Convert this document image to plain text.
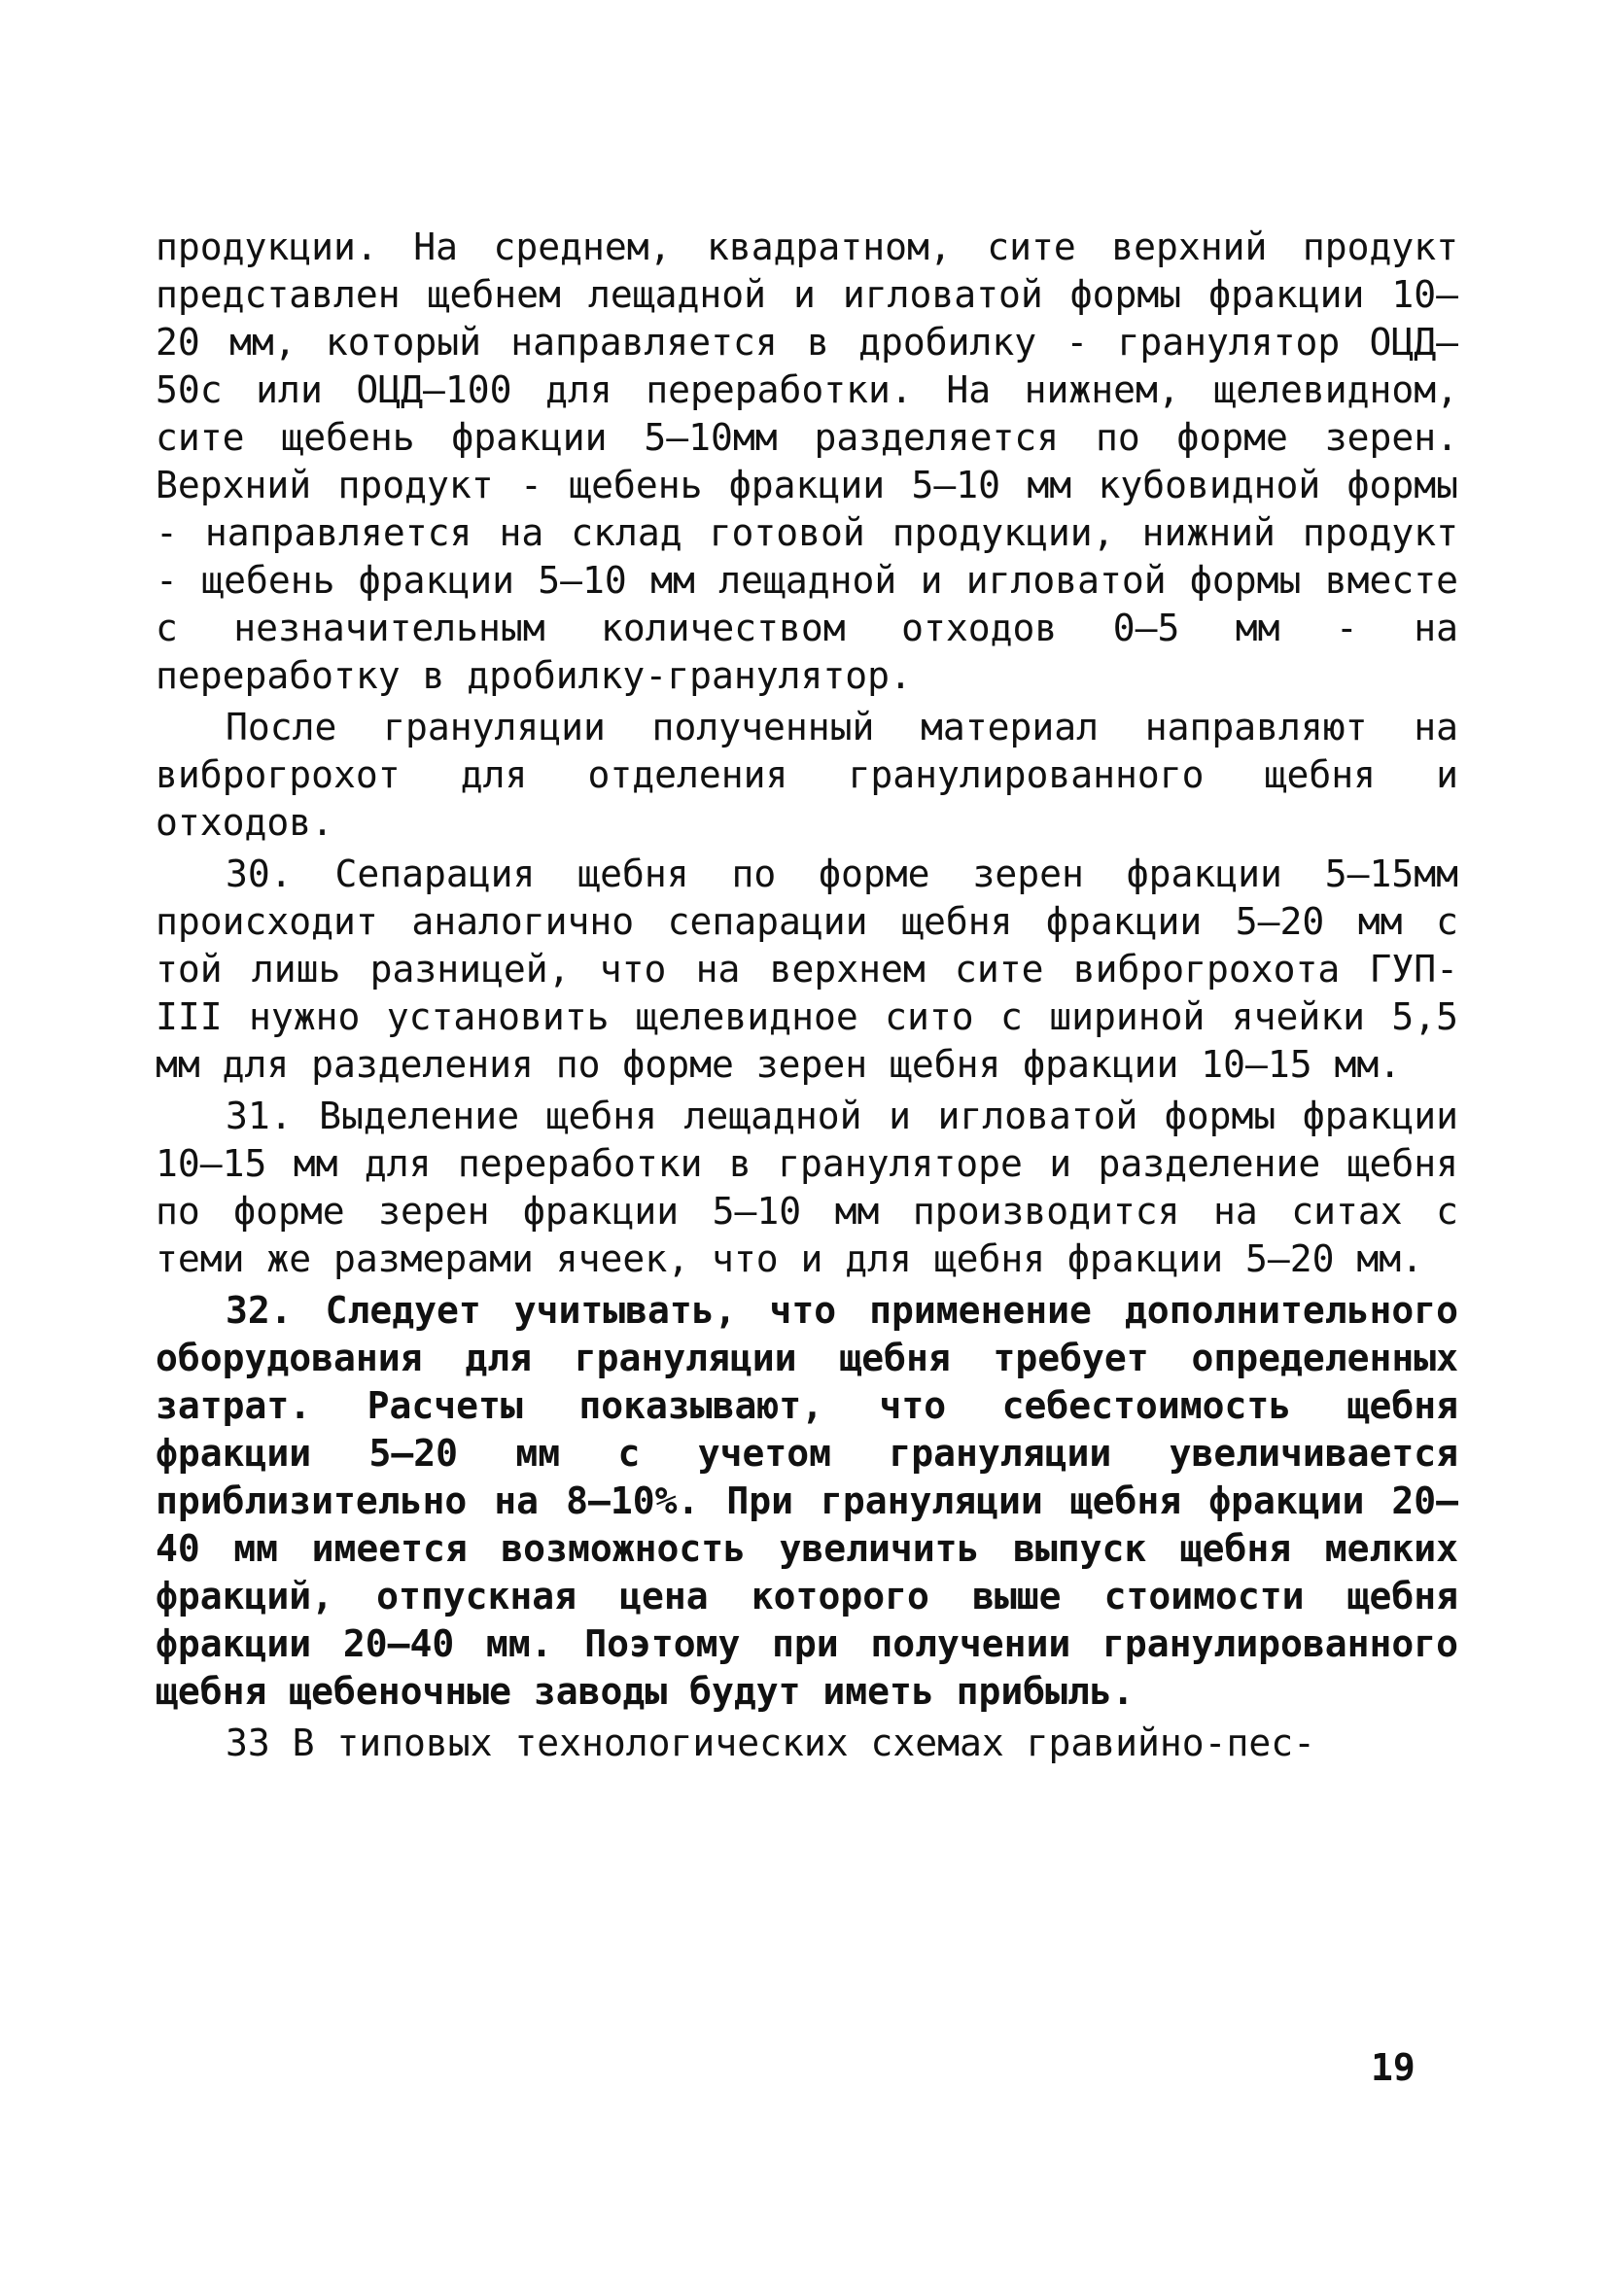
продукции. На среднем, квадратном, сите верхний продукт представлен щебнем лещадной и игловатой формы фракции 10–20 мм, который направляется в дробилку - гранулятор ОЦД–50с или ОЦД–100 для переработки. На нижнем, щелевидном, сите щебень фракции 5–10мм разделяется по форме зерен. Верхний продукт - щебень фракции 5–10 мм кубовидной формы - направляется на склад готовой продукции, нижний продукт - щебень фракции 5–10 мм лещадной и игловатой формы вместе с незначительным количеством отходов 0–5 мм - на переработку в дробилку-гранулятор.

После грануляции полученный материал направляют на виброгрохот для отделения гранулированного щебня и отходов.

30. Сепарация щебня по форме зерен фракции 5–15мм происходит аналогично сепарации щебня фракции 5–20 мм с той лишь разницей, что на верхнем сите виброгрохота ГУП-III нужно установить щелевидное сито с шириной ячейки 5,5 мм для разделения по форме зерен щебня фракции 10–15 мм.

31. Выделение щебня лещадной и игловатой формы фракции 10–15 мм для переработки в грануляторе и разделение щебня по форме зерен фракции 5–10 мм производится на ситах с теми же размерами ячеек, что и для щебня фракции 5–20 мм.

32. Следует учитывать, что применение дополнительного оборудования для грануляции щебня требует определенных затрат. Расчеты показывают, что себестоимость щебня фракции 5–20 мм с учетом грануляции увеличивается приблизительно на 8–10%. При грануляции щебня фракции 20–40 мм имеется возможность увеличить выпуск щебня мелких фракций, отпускная цена которого выше стоимости щебня фракции 20–40 мм. Поэтому при получении гранулированного щебня щебеночные заводы будут иметь прибыль.

33 В типовых технологических схемах гравийно-пес-

19
